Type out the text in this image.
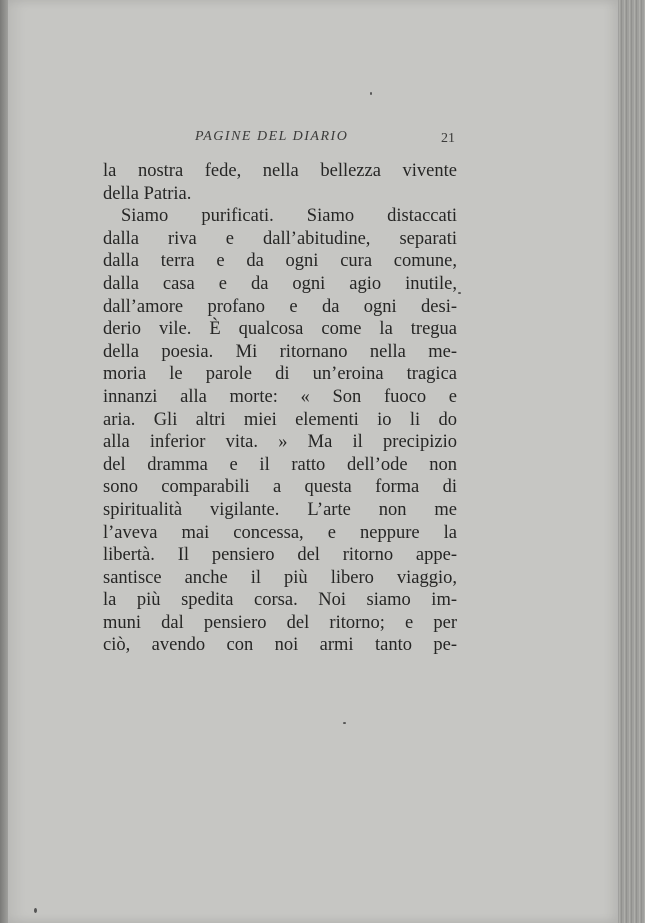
PAGINE DEL DIARIO	21
la nostra fede, nella bellezza vivente
della Patria.
Siamo purificati. Siamo distaccati
dalla riva e dall’abitudine, separati
dalla terra e da ogni cura comune,
dalla casa e da ogni agio inutile,
dall’amore profano e da ogni desi-
derio vile. È qualcosa come la tregua
della poesia. Mi ritornano nella me-
moria le parole di un’eroina tragica
innanzi alla morte: « Son fuoco e
aria. Gli altri miei elementi io li do
alla inferior vita. » Ma il precipizio
del dramma e il ratto dell’ode non
sono comparabili a questa forma di
spiritualità vigilante. L’arte non me
l’aveva mai concessa, e neppure la
libertà. Il pensiero del ritorno appe-
santisce anche il più libero viaggio,
la più spedita corsa. Noi siamo im-
muni dal pensiero del ritorno; e per
ciò, avendo con noi armi tanto pe-
